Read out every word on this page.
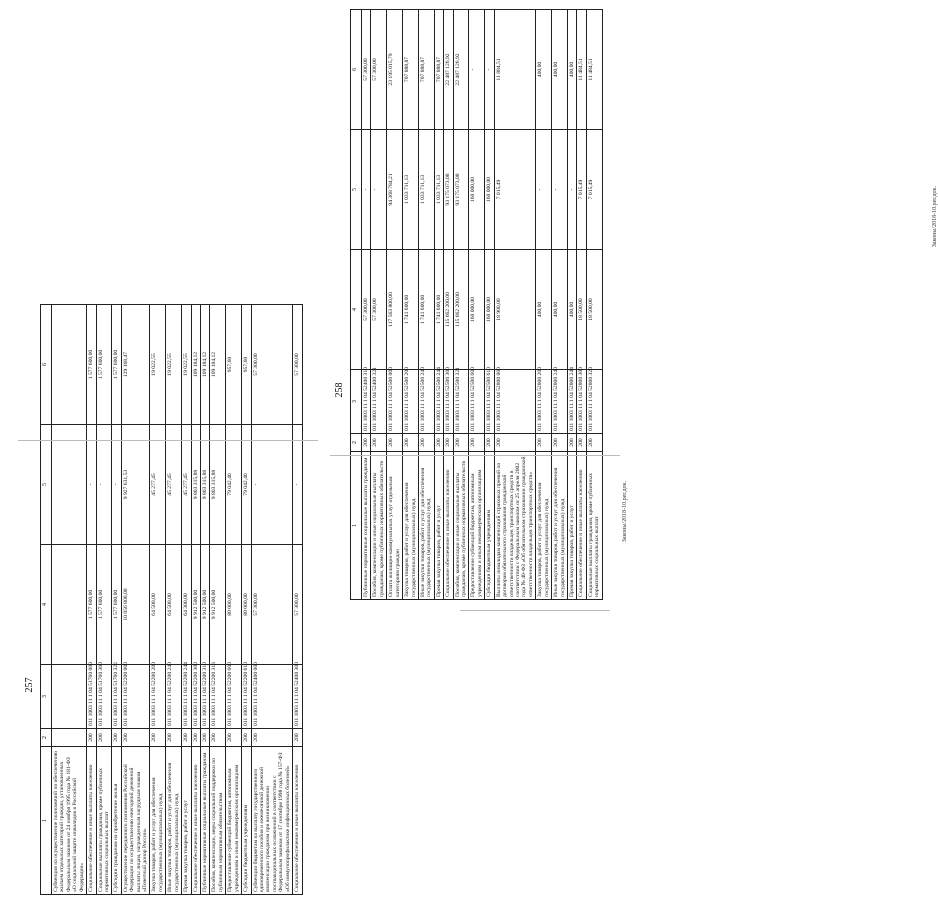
257
1	2	3	4	5	6
Субвенция на осуществление полномочий по обеспечению жильем отдельных категорий граждан, установленных Федеральным законом от 24 ноября 1995 года № 181-ФЗ «О социальной защите инвалидов в Российской Федерации»					
Социальное обеспечение и иные выплаты населению	200	011 1003 11 1 04 51760 000	1 577 600,00	-	1 577 600,00
Социальные выплаты гражданам, кроме публичных нормативных социальных выплат	200	011 1003 11 1 04 51760 300	1 577 600,00	-	1 577 600,00
Субсидии гражданам на приобретение жилья	200	011 1003 11 1 04 51760 322	1 577 600,00	-	1 577 600,00
Осуществление переданного полномочия Российской Федерации по осуществлению ежегодной денежной выплаты лицам, награжденным нагрудным знаком «Почетный донор России»	200	011 1003 11 1 04 52200 000	10 056 800,00	9 927 631,53	129 168,47
Закупка товаров, работ и услуг для обеспечения государственных (муниципальных) нужд	200	011 1003 11 1 04 52200 200	64 500,00	45 277,45	19 022,55
Иные закупки товаров, работ и услуг для обеспечения государственных (муниципальных) нужд	200	011 1003 11 1 04 52200 240	64 500,00	45 277,45	19 022,55
Прочая закупка товаров, работ и услуг	200	011 1003 11 1 04 52200 244	64 300,00	45 277,45	19 022,55
Социальное обеспечение и иные выплаты населению	200	011 1003 11 1 04 52200 300	9 912 500,00	9 803 315,88	109 184,12
Публичные нормативные социальные выплаты гражданам	200	011 1003 11 1 04 52200 310	9 912 500,00	9 803 315,88	109 184,12
Пособия, компенсации, меры социальной поддержки по публичным нормативным обязательствам	200	011 1003 11 1 04 52200 313	9 912 500,00	9 803 315,88	109 184,12
Предоставление субвенций бюджетам, автономным учреждениям и иным некоммерческим организациям	200	011 1003 11 1 04 52200 600	80 000,00	79 042,40	957,60
Субсидии бюджетным учреждениям	200	011 1003 11 1 04 52200 610	80 000,00	79 042,40	957,60
Субвенции бюджетам на выплату государственного единовременного пособия и ежемесячной денежной компенсации гражданам при возникновении поствакцинальных осложнений в соответствии с Федеральным законом от 17 сентября 1998 года № 157-ФЗ «Об иммунопрофилактике инфекционных болезней»	200	011 1003 11 1 04 52400 000	57 300,00	-	57 300,00
Социальное обеспечение и иные выплаты населению	200	011 1003 11 1 04 52400 300	57 300,00	-	57 300,00
Законы/2018-10.рег.док.
258
1	2	3	4	5	6
Публичные нормативные социальные выплаты гражданам	200	011 1003 11 1 04 52400 310	57 300,00	-	57 300,00
Пособия, компенсации и иные социальные выплаты гражданам, кроме публичных нормативных обязательств	200	011 1003 11 1 04 52400 321	57 300,00	-	57 300,00
Оплата жилищно-коммунальных услуг отдельным категориям граждан	200	011 1003 11 1 04 52500 000	117 563 800,00	94 368 784,21	23 195 015,79
Закупка товаров, работ и услуг для обеспечения государственных (муниципальных) нужд	200	011 1003 11 1 04 52500 200	1 741 600,00	1 033 711,13	707 888,87
Иные закупки товаров, работ и услуг для обеспечения государственных (муниципальных) нужд	200	011 1003 11 1 04 52500 240	1 741 600,00	1 033 711,13	707 888,87
Прочая закупка товаров, работ и услуг	200	011 1003 11 1 04 52500 244	1 741 600,00	1 033 711,13	707 888,87
Социальное обеспечение и иные выплаты населению	200	011 1003 11 1 04 52500 300	115 662 200,00	93 175 073,08	22 487 126,92
Пособия, компенсации и иные социальные выплаты гражданам, кроме публичных нормативных обязательств	200	011 1003 11 1 04 52500 321	115 662 200,00	93 175 073,08	22 487 126,92
Предоставление субвенций бюджетам, автономным учреждениям и иным некоммерческим организациям	200	011 1003 11 1 04 52500 600	160 000,00	160 000,00	-
Субсидии бюджетным учреждениям	200	011 1003 11 1 04 52500 610	160 000,00	160 000,00	-
Выплаты инвалидам компенсаций страховых премий по договорам обязательного страхования гражданской ответственности владельцев транспортных средств в соответствии с Федеральным законом от 25 апреля 2002 года № 40-ФЗ «Об обязательном страховании гражданской ответственности владельцев транспортных средств»	200	011 1003 11 1 04 52800 000	18 900,00	7 015,49	11 884,51
Закупка товаров, работ и услуг для обеспечения государственных (муниципальных) нужд	200	011 1003 11 1 04 52800 200	400,00	-	400,00
Иные закупки товаров, работ и услуг для обеспечения государственных (муниципальных) нужд	200	011 1003 11 1 04 52800 240	400,00	-	400,00
Прочая закупка товаров, работ и услуг	200	011 1003 11 1 04 52800 244	400,00	-	400,00
Социальное обеспечение и иные выплаты населению	200	011 1003 11 1 04 52800 300	18 500,00	7 015,49	11 484,51
Социальные выплаты гражданам, кроме публичных нормативных социальных выплат	200	011 1003 11 1 04 52800 320	18 500,00	7 015,49	11 484,51
Законы/2018-10.рег.док.
